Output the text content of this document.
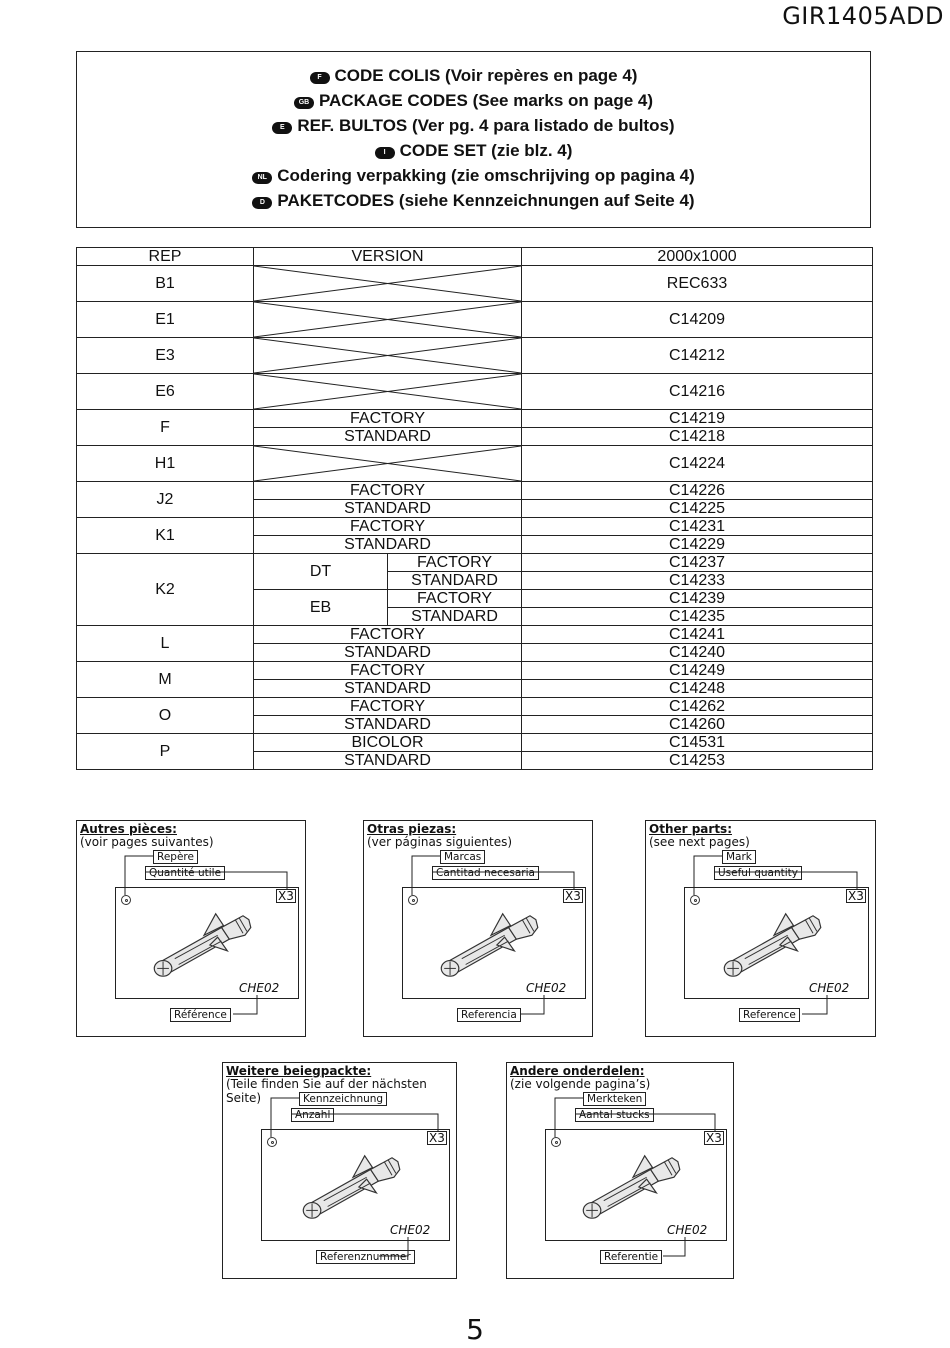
GIR1405ADD
F CODE COLIS (Voir repères en page 4)
GB PACKAGE CODES (See marks on page 4)
E REF. BULTOS (Ver pg. 4 para listado de bultos)
I CODE SET (zie blz. 4)
NL Codering verpakking (zie omschrijving op pagina 4)
D PAKETCODES (siehe Kennzeichnungen auf Seite 4)
REP	VERSION		2000x1000
B1			REC633
E1			C14209
E3			C14212
E6			C14216
F	FACTORY		C14219
	STANDARD		C14218
H1			C14224
J2	FACTORY		C14226
	STANDARD		C14225
K1	FACTORY		C14231
	STANDARD		C14229
K2	DT	FACTORY	C14237
		STANDARD	C14233
	EB	FACTORY	C14239
		STANDARD	C14235
L	FACTORY		C14241
	STANDARD		C14240
M	FACTORY		C14249
	STANDARD		C14248
O	FACTORY		C14262
	STANDARD		C14260
P	BICOLOR		C14531
	STANDARD		C14253
Autres pièces:
(voir pages suivantes)
Repère
Quantité utile
X3
CHE02
Référence
Otras piezas:
(ver páginas siguientes)
Marcas
Cantitad necesaria
X3
CHE02
Referencia
Other parts:
(see next pages)
Mark
Useful quantity
X3
CHE02
Reference
Weitere beiegpackte:
(Teile finden Sie auf der nächsten Seite)	Kennzeichnung
Anzahl
X3
CHE02
Referenznummer
Andere onderdelen:
(zie volgende pagina’s)
Merkteken
Aantal stucks
X3
CHE02
Referentie
5
